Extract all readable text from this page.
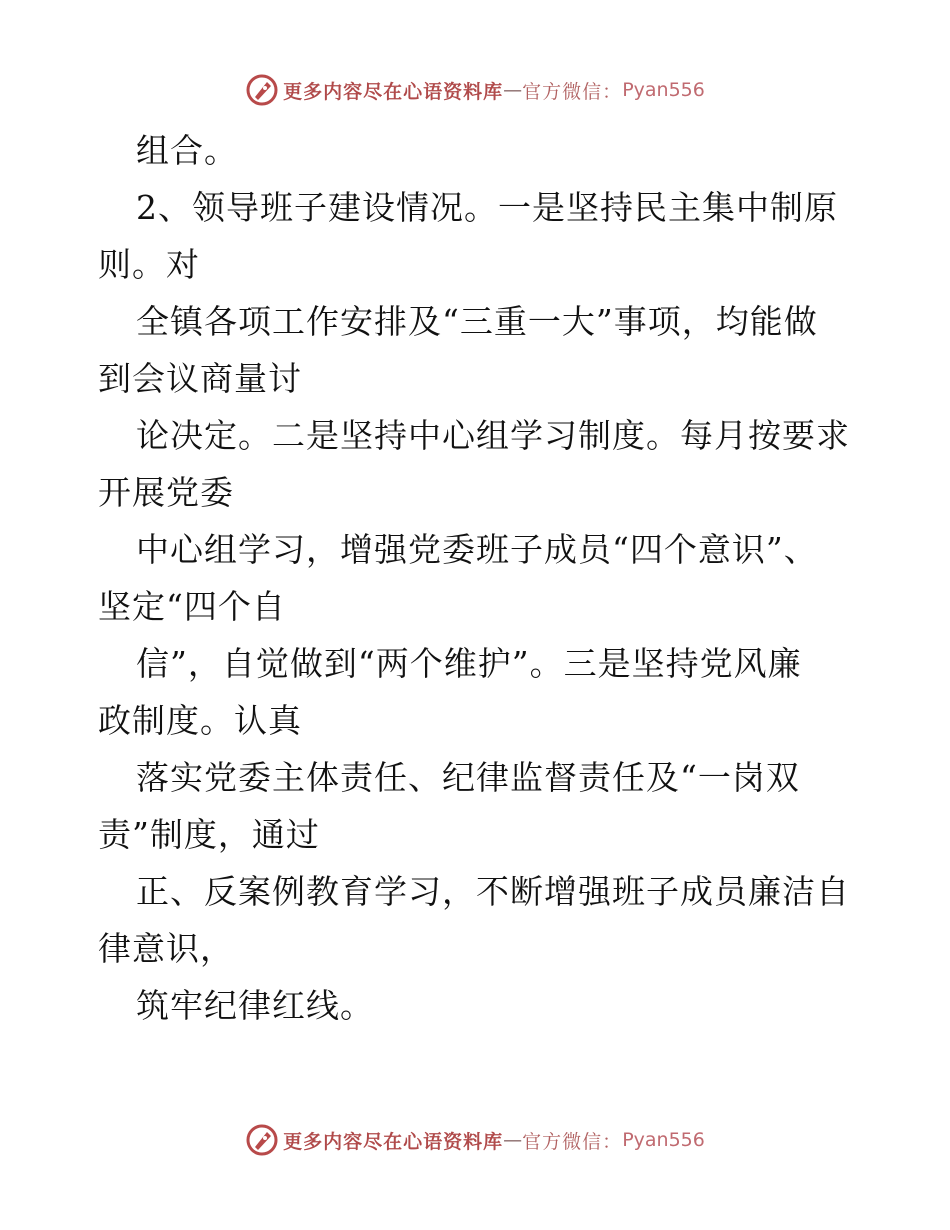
更多内容尽在心语资料库 — 官方微信： Pyan556
组合。
2、领导班子建设情况。一是坚持民主集中制原
则。对
全镇各项工作安排及“三重一大”事项，均能做
到会议商量讨
论决定。二是坚持中心组学习制度。每月按要求
开展党委
中心组学习，增强党委班子成员“四个意识”、
坚定“四个自
信”，自觉做到“两个维护”。三是坚持党风廉
政制度。认真
落实党委主体责任、纪律监督责任及“一岗双
责”制度，通过
正、反案例教育学习，不断增强班子成员廉洁自
律意识，
筑牢纪律红线。
更多内容尽在心语资料库 — 官方微信： Pyan556
